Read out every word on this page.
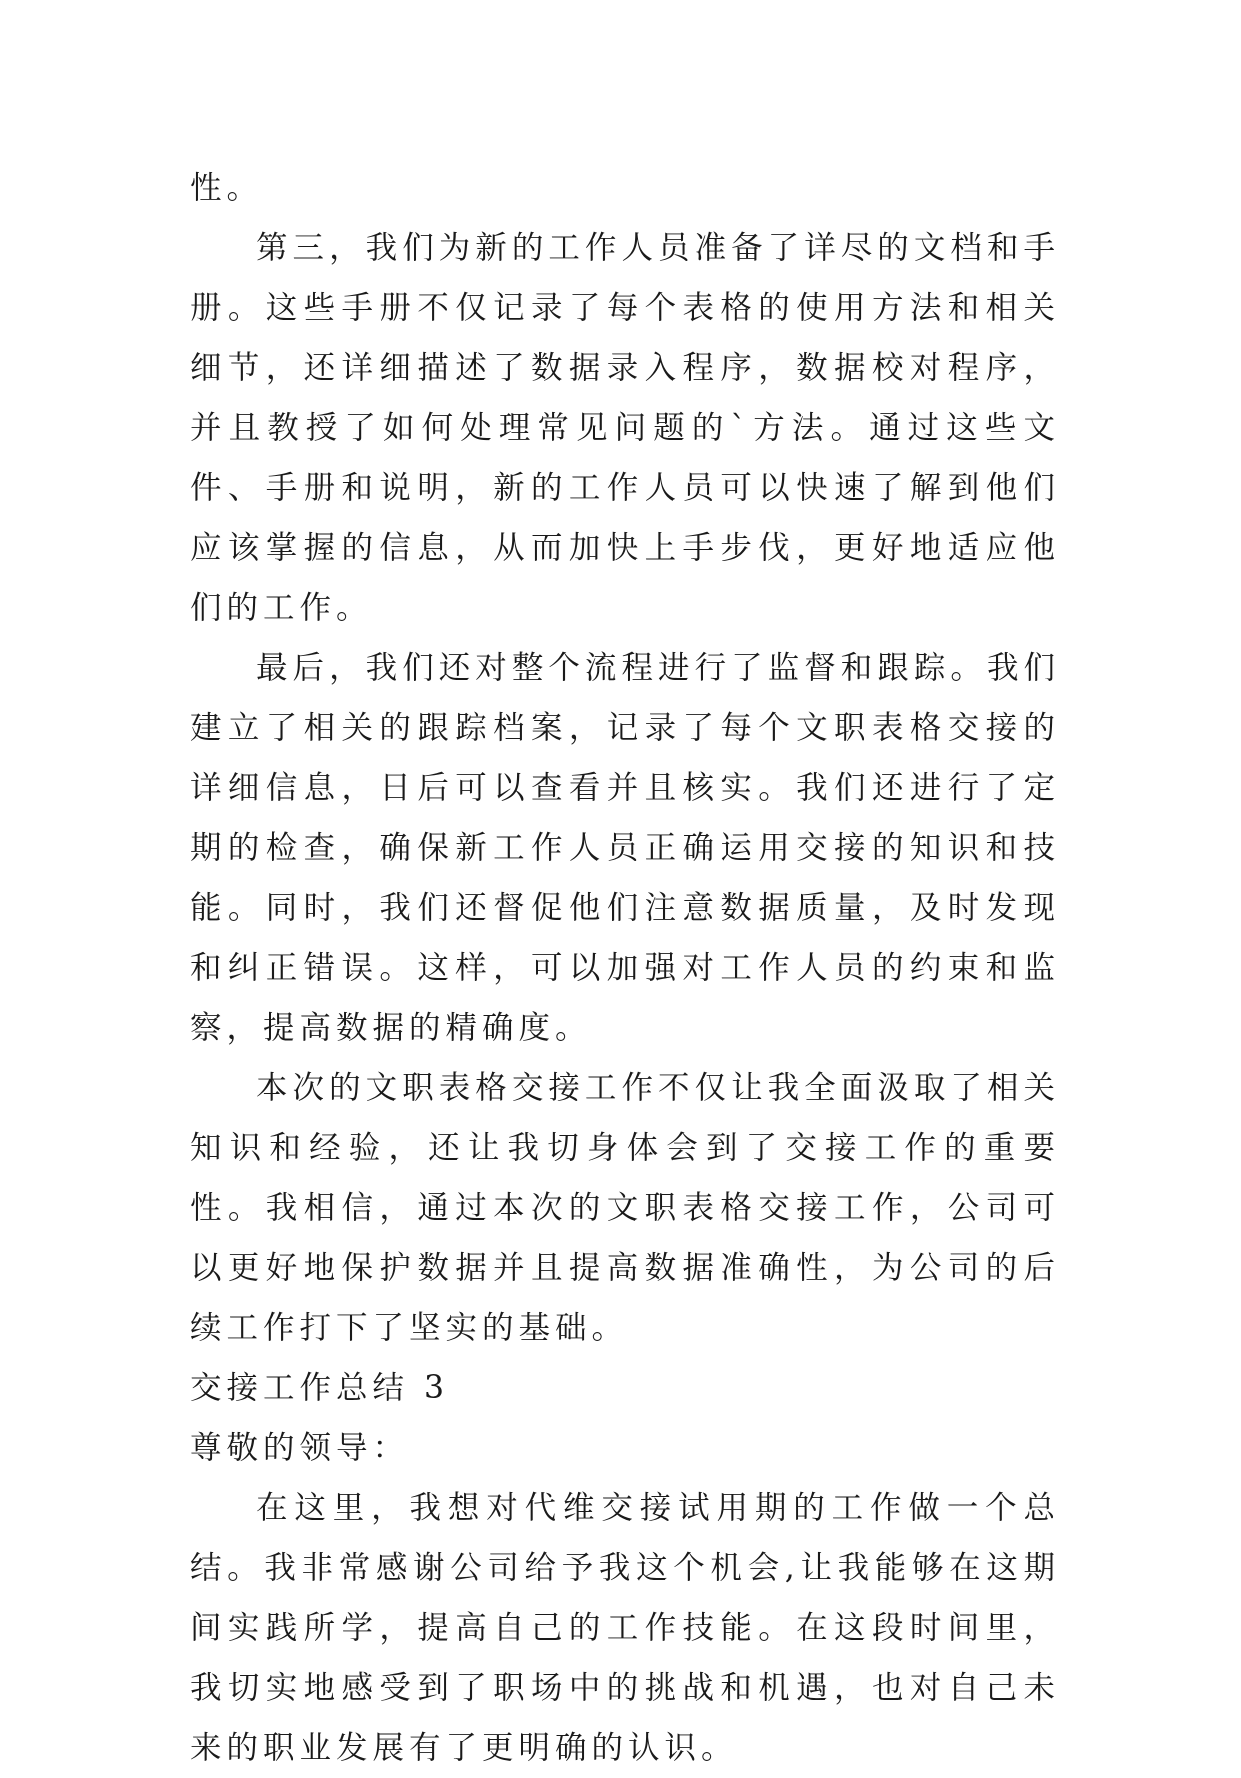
性。

第三，我们为新的工作人员准备了详尽的文档和手册。这些手册不仅记录了每个表格的使用方法和相关细节，还详细描述了数据录入程序，数据校对程序，并且教授了如何处理常见问题的`方法。通过这些文件、手册和说明，新的工作人员可以快速了解到他们应该掌握的信息，从而加快上手步伐，更好地适应他们的工作。

最后，我们还对整个流程进行了监督和跟踪。我们建立了相关的跟踪档案，记录了每个文职表格交接的详细信息，日后可以查看并且核实。我们还进行了定期的检查，确保新工作人员正确运用交接的知识和技能。同时，我们还督促他们注意数据质量，及时发现和纠正错误。这样，可以加强对工作人员的约束和监察，提高数据的精确度。

本次的文职表格交接工作不仅让我全面汲取了相关知识和经验，还让我切身体会到了交接工作的重要性。我相信，通过本次的文职表格交接工作，公司可以更好地保护数据并且提高数据准确性，为公司的后续工作打下了坚实的基础。

交接工作总结 3

尊敬的领导：

在这里，我想对代维交接试用期的工作做一个总结。我非常感谢公司给予我这个机会,让我能够在这期间实践所学，提高自己的工作技能。在这段时间里，我切实地感受到了职场中的挑战和机遇，也对自己未来的职业发展有了更明确的认识。
